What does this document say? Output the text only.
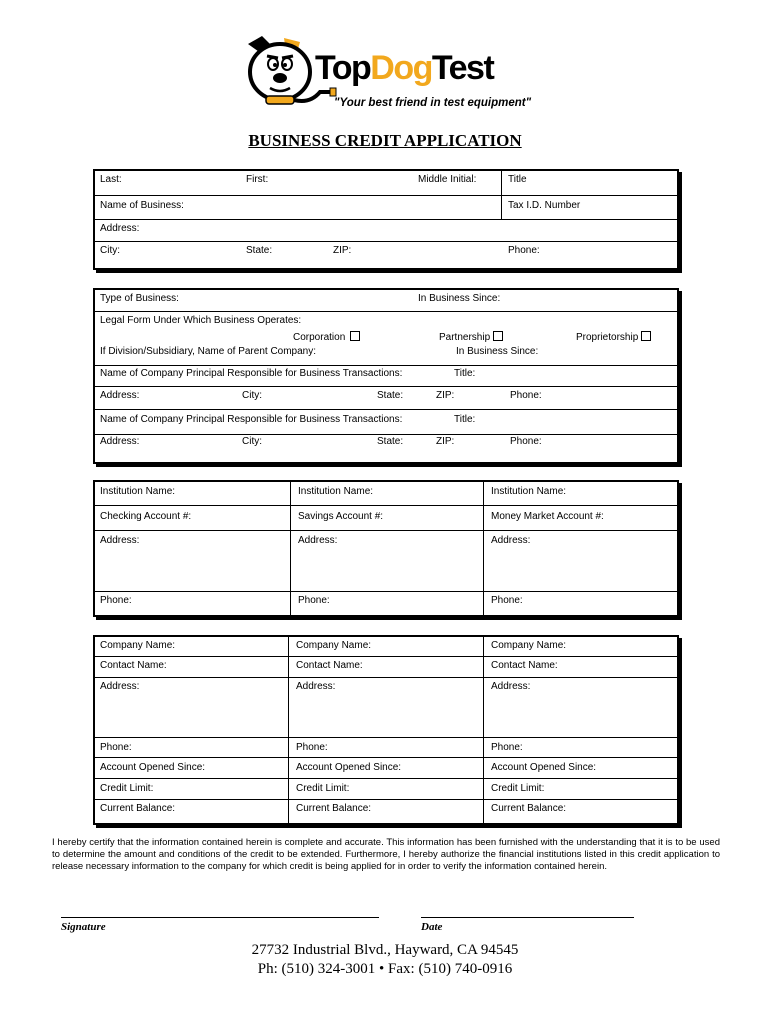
TopDogTest
"Your best friend in test equipment"
BUSINESS CREDIT APPLICATION
Last:	First:	Middle Initial:	Title
Name of Business:	Tax I.D. Number
Address:
City:	State:	ZIP:	Phone:
Type of Business:	In Business Since:
Legal Form Under Which Business Operates:
Corporation	Partnership	Proprietorship
If Division/Subsidiary, Name of Parent Company:	In Business Since:
Name of Company Principal Responsible for Business Transactions:	Title:
Address:	City:	State:	ZIP:	Phone:
Name of Company Principal Responsible for Business Transactions:	Title:
Address:	City:	State:	ZIP:	Phone:
Institution Name:	Institution Name:	Institution Name:
Checking Account #:	Savings Account #:	Money Market Account #:
Address:	Address:	Address:
Phone:	Phone:	Phone:
Company Name:	Company Name:	Company Name:
Contact Name:	Contact Name:	Contact Name:
Address:	Address:	Address:
Phone:	Phone:	Phone:
Account Opened Since:	Account Opened Since:	Account Opened Since:
Credit Limit:	Credit Limit:	Credit Limit:
Current Balance:	Current Balance:	Current Balance:
I hereby certify that the information contained herein is complete and accurate. This information has been furnished with the understanding that it is to be used to determine the amount and conditions of the credit to be extended. Furthermore, I hereby authorize the financial institutions listed in this credit application to release necessary information to the company for which credit is being applied for in order to verify the information contained herein.
Signature	Date
27732 Industrial Blvd., Hayward, CA 94545
Ph: (510) 324-3001 • Fax: (510) 740-0916
